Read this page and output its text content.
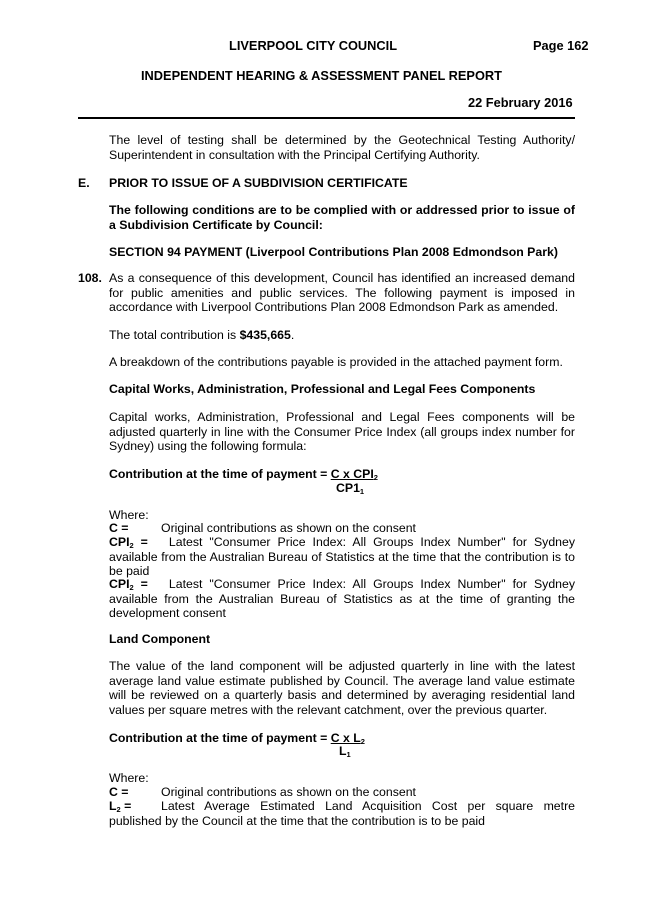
LIVERPOOL CITY COUNCIL	Page 162
INDEPENDENT HEARING & ASSESSMENT PANEL REPORT
22 February 2016
The level of testing shall be determined by the Geotechnical Testing Authority/ Superintendent in consultation with the Principal Certifying Authority.
E. PRIOR TO ISSUE OF A SUBDIVISION CERTIFICATE
The following conditions are to be complied with or addressed prior to issue of a Subdivision Certificate by Council:
SECTION 94 PAYMENT (Liverpool Contributions Plan 2008 Edmondson Park)
108. As a consequence of this development, Council has identified an increased demand for public amenities and public services. The following payment is imposed in accordance with Liverpool Contributions Plan 2008 Edmondson Park as amended.
The total contribution is $435,665.
A breakdown of the contributions payable is provided in the attached payment form.
Capital Works, Administration, Professional and Legal Fees Components
Capital works, Administration, Professional and Legal Fees components will be adjusted quarterly in line with the Consumer Price Index (all groups index number for Sydney) using the following formula:
Contribution at the time of payment = C x $CPI_2$
$CP1_1$
Where:
C =	Original contributions as shown on the consent
$CPI_2$ = Latest "Consumer Price Index: All Groups Index Number" for Sydney available from the Australian Bureau of Statistics at the time that the contribution is to be paid
$CPI_2$ = Latest "Consumer Price Index: All Groups Index Number" for Sydney available from the Australian Bureau of Statistics as at the time of granting the development consent
Land Component
The value of the land component will be adjusted quarterly in line with the latest average land value estimate published by Council. The average land value estimate will be reviewed on a quarterly basis and determined by averaging residential land values per square metres with the relevant catchment, over the previous quarter.
Contribution at the time of payment = C x $L_2$
$L_1$
Where:
C =	Original contributions as shown on the consent
$L_2$ = Latest Average Estimated Land Acquisition Cost per square metre published by the Council at the time that the contribution is to be paid
